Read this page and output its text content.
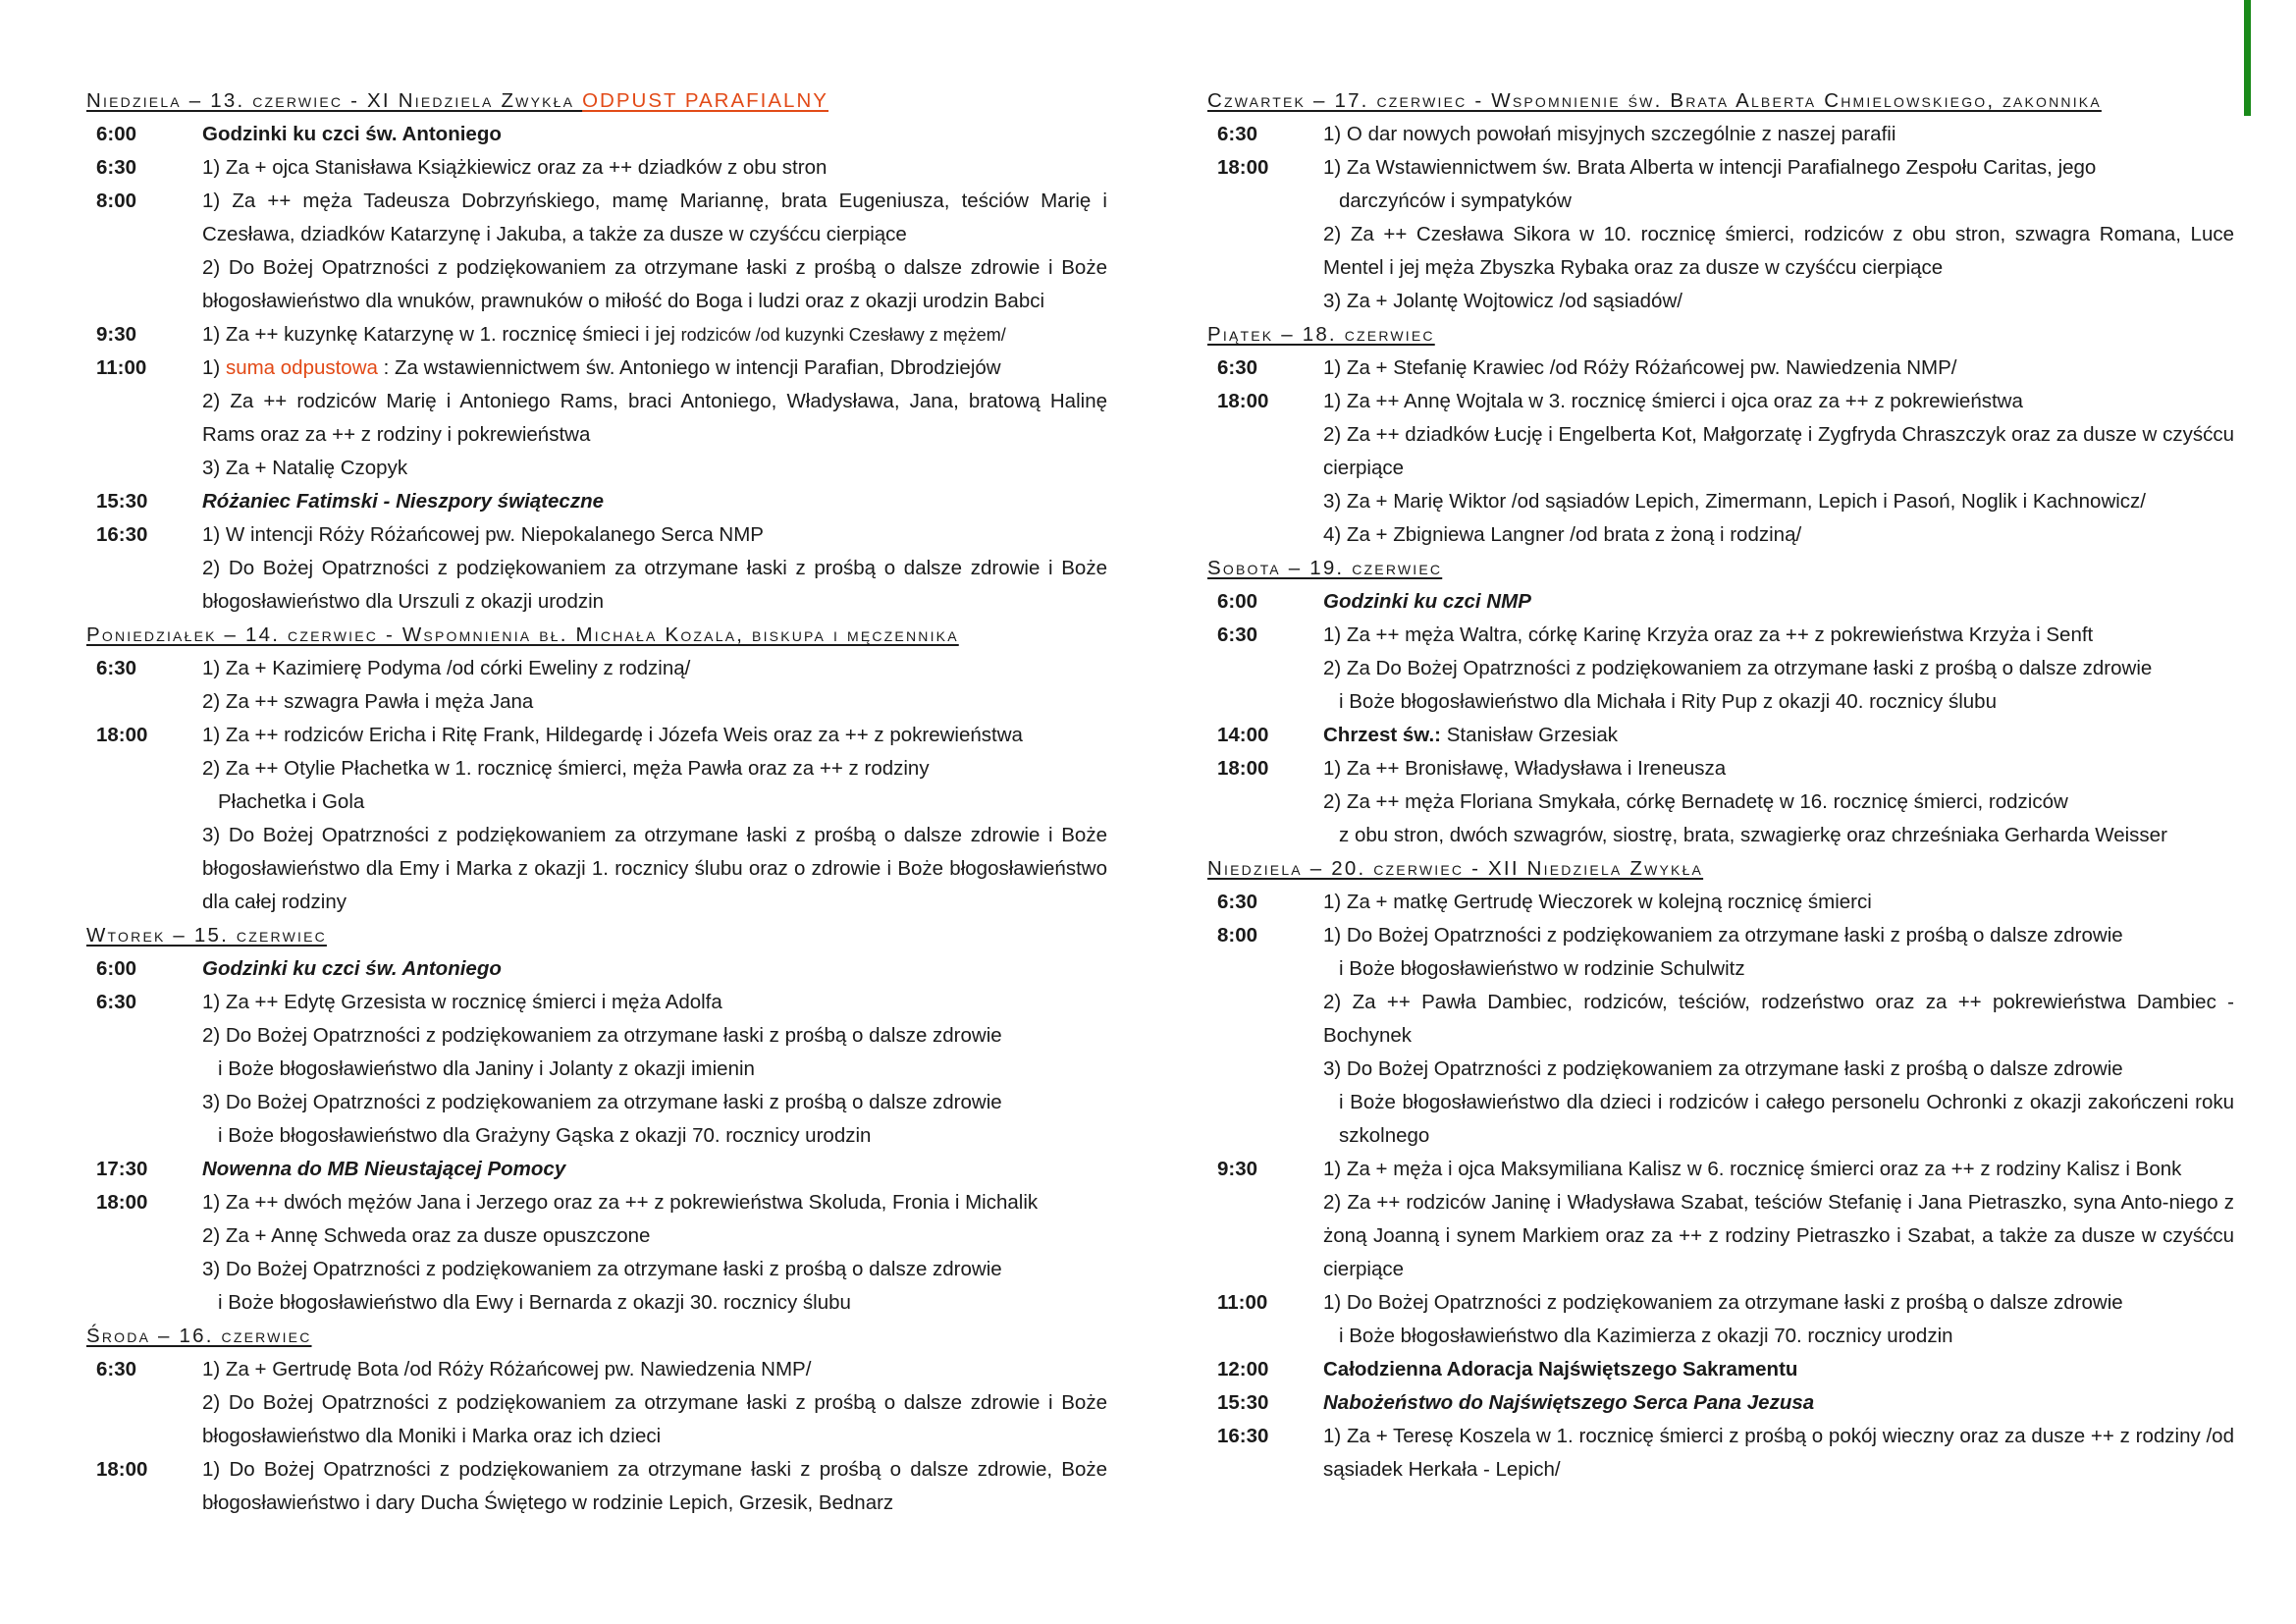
Niedziela – 13. czerwiec - XI Niedziela Zwykła ODPUST PARAFIALNY
6:00	Godzinki ku czci św. Antoniego
6:30	1) Za + ojca Stanisława Książkiewicz oraz za ++ dziadków z obu stron
8:00	1) Za ++ męża Tadeusza Dobrzyńskiego, mamę Mariannę, brata Eugeniusza, teściów Marię i Czesława, dziadków Katarzynę i Jakuba, a także za dusze w czyśćcu cierpiące
2) Do Bożej Opatrzności z podziękowaniem za otrzymane łaski z prośbą o dalsze zdrowie i Boże błogosławieństwo dla wnuków, prawnuków o miłość do Boga i ludzi oraz z okazji urodzin Babci
9:30	1) Za ++ kuzynkę Katarzynę w 1. rocznicę śmieci i jej rodziców /od kuzynki Czesławy z mężem/
11:00	1) suma odpustowa : Za wstawiennictwem św. Antoniego w intencji Parafian, Dbrodziejów
2) Za ++ rodziców Marię i Antoniego Rams, braci Antoniego, Władysława, Jana, bratową Halinę Rams oraz za ++ z rodziny i pokrewieństwa
3) Za + Natalię Czopyk
15:30	Różaniec Fatimski - Nieszpory świąteczne
16:30	1) W intencji Róży Różańcowej pw. Niepokalanego Serca NMP
2) Do Bożej Opatrzności z podziękowaniem za otrzymane łaski z prośbą o dalsze zdrowie i Boże błogosławieństwo dla Urszuli z okazji urodzin
Poniedziałek – 14. czerwiec - Wspomnienia bł. Michała Kozala, biskupa i męczennika
6:30	1) Za + Kazimierę Podyma /od córki Eweliny z rodziną/
2) Za ++ szwagra Pawła i męża Jana
18:00	1) Za ++ rodziców Ericha i Ritę Frank, Hildegardę i Józefa Weis oraz za ++ z pokrewieństwa
2) Za ++ Otylie Płachetka w 1. rocznicę śmierci, męża Pawła oraz za ++ z rodziny
Płachetka i Gola
3) Do Bożej Opatrzności z podziękowaniem za otrzymane łaski z prośbą o dalsze zdrowie i Boże błogosławieństwo dla Emy i Marka z okazji 1. rocznicy ślubu oraz o zdrowie i Boże błogosławieństwo dla całej rodziny
Wtorek – 15. czerwiec
6:00	Godzinki ku czci św. Antoniego
6:30	1) Za ++ Edytę Grzesista w rocznicę śmierci i męża Adolfa
2) Do Bożej Opatrzności z podziękowaniem za otrzymane łaski z prośbą o dalsze zdrowie
i Boże błogosławieństwo dla Janiny i Jolanty z okazji imienin
3) Do Bożej Opatrzności z podziękowaniem za otrzymane łaski z prośbą o dalsze zdrowie
i Boże błogosławieństwo dla Grażyny Gąska z okazji 70. rocznicy urodzin
17:30	Nowenna do MB Nieustającej Pomocy
18:00	1) Za ++ dwóch mężów Jana i Jerzego oraz za ++ z pokrewieństwa Skoluda, Fronia i Michalik
2) Za + Annę Schweda oraz za dusze opuszczone
3) Do Bożej Opatrzności z podziękowaniem za otrzymane łaski z prośbą o dalsze zdrowie
i Boże błogosławieństwo dla Ewy i Bernarda z okazji 30. rocznicy ślubu
Środa – 16. czerwiec
6:30	1) Za + Gertrudę Bota /od Róży Różańcowej pw. Nawiedzenia NMP/
2) Do Bożej Opatrzności z podziękowaniem za otrzymane łaski z prośbą o dalsze zdrowie i Boże błogosławieństwo dla Moniki i Marka oraz ich dzieci
18:00	1) Do Bożej Opatrzności z podziękowaniem za otrzymane łaski z prośbą o dalsze zdrowie, Boże błogosławieństwo i dary Ducha Świętego w rodzinie Lepich, Grzesik, Bednarz
Czwartek – 17. czerwiec - Wspomnienie św. Brata Alberta Chmielowskiego, zakonnika
6:30	1) O dar nowych powołań misyjnych szczególnie z naszej parafii
18:00	1) Za Wstawiennictwem św. Brata Alberta w intencji Parafialnego Zespołu Caritas, jego
darczyńców i sympatyków
2) Za ++ Czesława Sikora w 10. rocznicę śmierci, rodziców z obu stron, szwagra Romana, Luce Mentel i jej męża Zbyszka Rybaka oraz za dusze w czyśćcu cierpiące
3) Za + Jolantę Wojtowicz /od sąsiadów/
Piątek – 18. czerwiec
6:30	1) Za + Stefanię Krawiec /od Róży Różańcowej pw. Nawiedzenia NMP/
18:00	1) Za ++ Annę Wojtala w 3. rocznicę śmierci i ojca oraz za ++ z pokrewieństwa
2) Za ++ dziadków Łucję i Engelberta Kot, Małgorzatę i Zygfryda Chraszczyk oraz za dusze w czyśćcu cierpiące
3) Za + Marię Wiktor /od sąsiadów Lepich, Zimermann, Lepich i Pasoń, Noglik i Kachnowicz/
4) Za + Zbigniewa Langner /od brata z żoną i rodziną/
Sobota – 19. czerwiec
6:00	Godzinki ku czci NMP
6:30	1) Za ++ męża Waltra, córkę Karinę Krzyża oraz za ++ z pokrewieństwa Krzyża i Senft
2) Za Do Bożej Opatrzności z podziękowaniem za otrzymane łaski z prośbą o dalsze zdrowie
i Boże błogosławieństwo dla Michała i Rity Pup z okazji 40. rocznicy ślubu
14:00	Chrzest św.: Stanisław Grzesiak
18:00	1) Za ++ Bronisławę, Władysława i Ireneusza
2) Za ++ męża Floriana Smykała, córkę Bernadetę w 16. rocznicę śmierci, rodziców
z obu stron, dwóch szwagrów, siostrę, brata, szwagierkę oraz chrześniaka Gerharda Weisser
Niedziela – 20. czerwiec - XII Niedziela Zwykła
6:30	1) Za + matkę Gertrudę Wieczorek w kolejną rocznicę śmierci
8:00	1) Do Bożej Opatrzności z podziękowaniem za otrzymane łaski z prośbą o dalsze zdrowie
i Boże błogosławieństwo w rodzinie Schulwitz
2) Za ++ Pawła Dambiec, rodziców, teściów, rodzeństwo oraz za ++ pokrewieństwa Dambiec - Bochynek
3) Do Bożej Opatrzności z podziękowaniem za otrzymane łaski z prośbą o dalsze zdrowie
i Boże błogosławieństwo dla dzieci i rodziców i całego personelu Ochronki z okazji zakończeni roku szkolnego
9:30	1) Za + męża i ojca Maksymiliana Kalisz w 6. rocznicę śmierci oraz za ++ z rodziny Kalisz i Bonk
2) Za ++ rodziców Janinę i Władysława Szabat, teściów Stefanię i Jana Pietraszko, syna Anto-niego z żoną Joanną i synem Markiem oraz za ++ z rodziny Pietraszko i Szabat, a także za dusze w czyśćcu cierpiące
11:00	1) Do Bożej Opatrzności z podziękowaniem za otrzymane łaski z prośbą o dalsze zdrowie
i Boże błogosławieństwo dla Kazimierza z okazji 70. rocznicy urodzin
12:00	Całodzienna Adoracja Najświętszego Sakramentu
15:30	Nabożeństwo do Najświętszego Serca Pana Jezusa
16:30	1) Za + Teresę Koszela w 1. rocznicę śmierci z prośbą o pokój wieczny oraz za dusze ++ z rodziny /od sąsiadek Herkała - Lepich/
